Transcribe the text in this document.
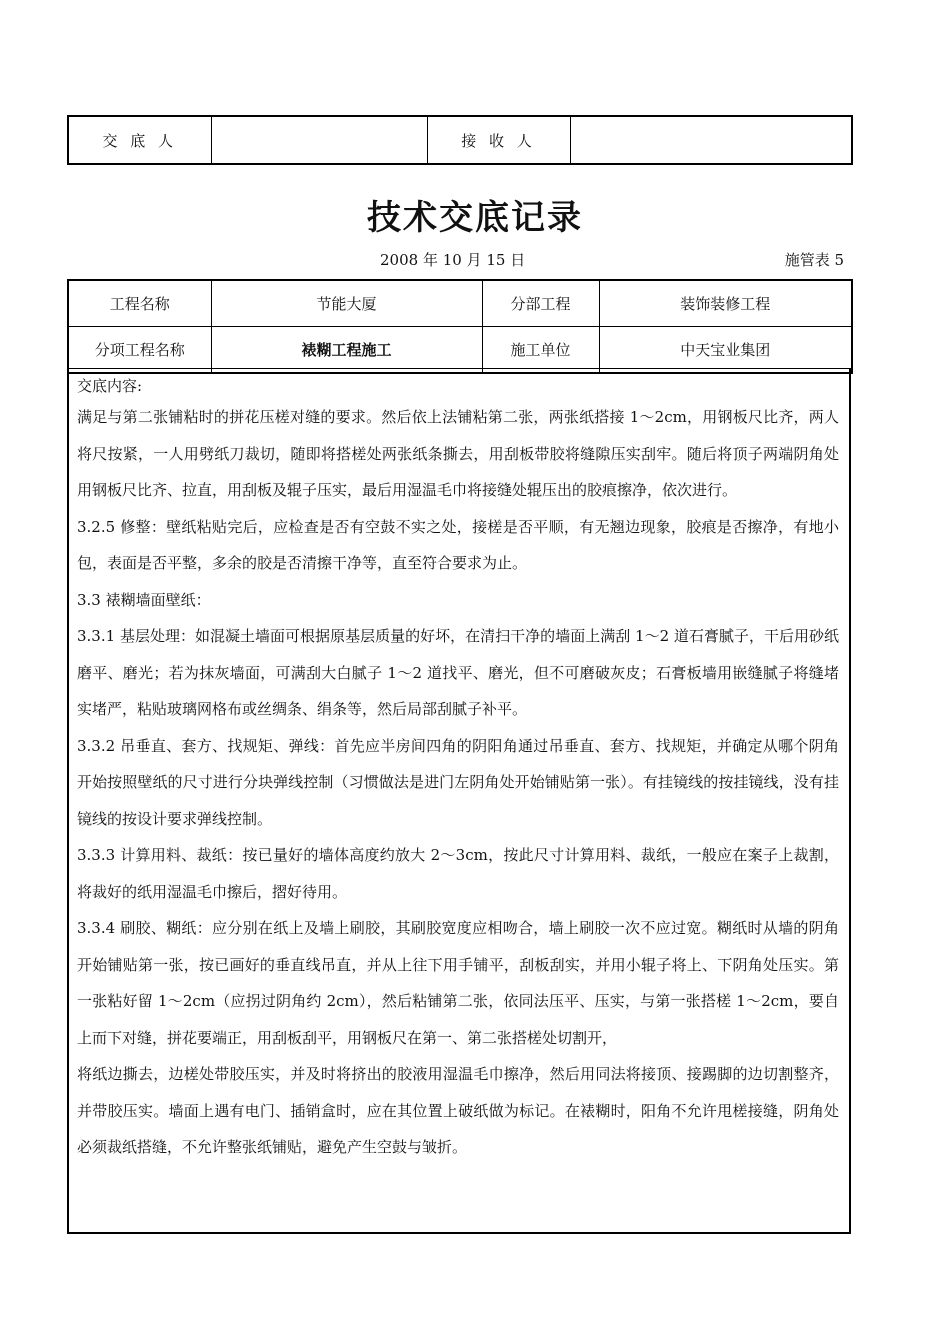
交 底 人		接 收 人	
技术交底记录
2008 年 10 月 15 日	施管表 5
工程名称	节能大厦	分部工程	装饰装修工程
分项工程名称	裱糊工程施工	施工单位	中天宝业集团

交底内容:

满足与第二张铺粘时的拼花压槎对缝的要求。然后依上法铺粘第二张，两张纸搭接 1～2cm，用钢板尺比齐，两人将尺按紧，一人用劈纸刀裁切，随即将搭槎处两张纸条撕去，用刮板带胶将缝隙压实刮牢。随后将顶子两端阴角处用钢板尺比齐、拉直，用刮板及辊子压实，最后用湿温毛巾将接缝处辊压出的胶痕擦净，依次进行。

3.2.5 修整：壁纸粘贴完后，应检查是否有空鼓不实之处，接槎是否平顺，有无翘边现象，胶痕是否擦净，有地小包，表面是否平整，多余的胶是否清擦干净等，直至符合要求为止。

3.3 裱糊墙面壁纸：

3.3.1 基层处理：如混凝土墙面可根据原基层质量的好坏，在清扫干净的墙面上满刮 1～2 道石膏腻子，干后用砂纸磨平、磨光；若为抹灰墙面，可满刮大白腻子 1～2 道找平、磨光，但不可磨破灰皮；石膏板墙用嵌缝腻子将缝堵实堵严，粘贴玻璃网格布或丝绸条、绢条等，然后局部刮腻子补平。

3.3.2 吊垂直、套方、找规矩、弹线：首先应半房间四角的阴阳角通过吊垂直、套方、找规矩，并确定从哪个阴角开始按照壁纸的尺寸进行分块弹线控制（习惯做法是进门左阴角处开始铺贴第一张）。有挂镜线的按挂镜线，没有挂镜线的按设计要求弹线控制。

3.3.3 计算用料、裁纸：按已量好的墙体高度约放大 2～3cm，按此尺寸计算用料、裁纸，一般应在案子上裁割，将裁好的纸用湿温毛巾擦后，摺好待用。

3.3.4 刷胶、糊纸：应分别在纸上及墙上刷胶，其刷胶宽度应相吻合，墙上刷胶一次不应过宽。糊纸时从墙的阴角开始铺贴第一张，按已画好的垂直线吊直，并从上往下用手铺平，刮板刮实，并用小辊子将上、下阴角处压实。第一张粘好留 1～2cm（应拐过阴角约 2cm），然后粘铺第二张，依同法压平、压实，与第一张搭槎 1～2cm，要自上而下对缝，拼花要端正，用刮板刮平，用钢板尺在第一、第二张搭槎处切割开，

将纸边撕去，边槎处带胶压实，并及时将挤出的胶液用湿温毛巾擦净，然后用同法将接顶、接踢脚的边切割整齐，并带胶压实。墙面上遇有电门、插销盒时，应在其位置上破纸做为标记。在裱糊时，阳角不允许甩槎接缝，阴角处必须裁纸搭缝，不允许整张纸铺贴，避免产生空鼓与皱折。
